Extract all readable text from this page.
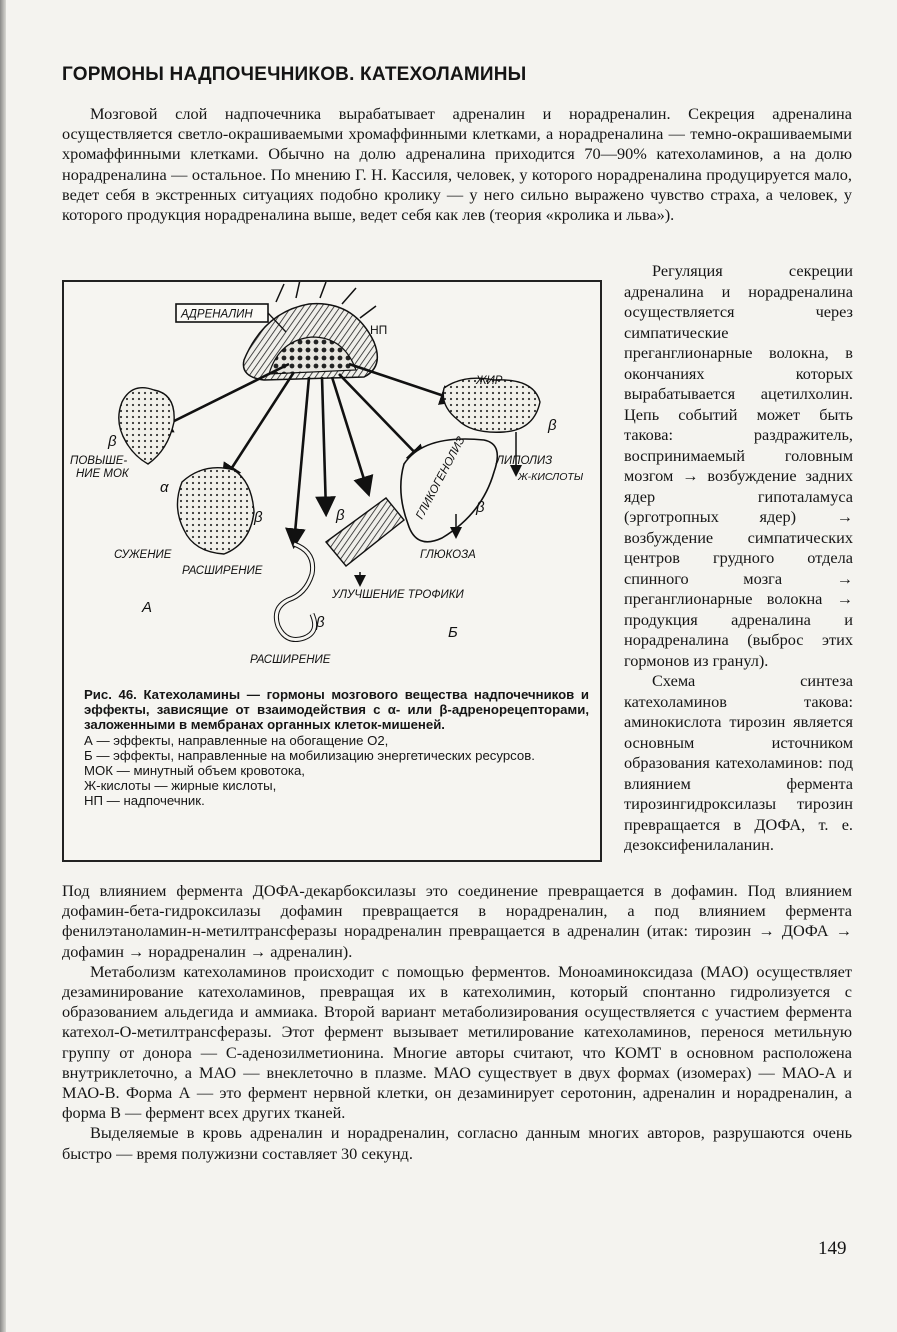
ГОРМОНЫ НАДПОЧЕЧНИКОВ. КАТЕХОЛАМИНЫ
Мозговой слой надпочечника вырабатывает адреналин и норадреналин. Секреция адреналина осуществляется светло-окрашиваемыми хромаффинными клетками, а норадреналина — темно-окрашиваемыми хромаффинными клетками. Обычно на долю адреналина приходится 70—90% катехоламинов, а на долю норадреналина — остальное. По мнению Г. Н. Кассиля, человек, у которого норадреналина продуцируется мало, ведет себя в экстренных ситуациях подобно кролику — у него сильно выражено чувство страха, а человек, у которого продукция норадреналина выше, ведет себя как лев (теория «кролика и льва»).
АДРЕНАЛИН
НП
β
ПОВЫШЕ-
НИЕ МОК
α
СУЖЕНИЕ
РАСШИРЕНИЕ
β
β
РАСШИРЕНИЕ
β
УЛУЧШЕНИЕ ТРОФИКИ
ГЛИКОГЕНОЛИЗ β
ГЛЮКОЗА
ЖИР
β
ЛИПОЛИЗ
Ж-КИСЛОТЫ
А
Б
Рис. 46. Катехоламины — гормоны мозгового вещества надпочечников и эффекты, зависящие от взаимодействия с α- или β-адренорецепторами, заложенными в мембранах органных клеток-мишеней.
А — эффекты, направленные на обогащение О2,
Б — эффекты, направленные на мобилизацию энергетических ресурсов.
МОК — минутный объем кровотока,
Ж-кислоты — жирные кислоты,
НП — надпочечник.

Регуляция секреции адреналина и норадреналина осуществляется через симпатические преганглионарные волокна, в окончаниях которых вырабатывается ацетилхолин. Цепь событий может быть такова: раздражитель, воспринимаемый головным мозгом → возбуждение задних ядер гипоталамуса (эрготропных ядер) → возбуждение симпатических центров грудного отдела спинного мозга → преганглионарные волокна → продукция адреналина и норадреналина (выброс этих гормонов из гранул).

Схема синтеза катехоламинов такова: аминокислота тирозин является основным источником образования катехоламинов: под влиянием фермента тирозингидроксилазы тирозин превращается в ДОФА, т. е. дезоксифенилаланин.

Под влиянием фермента ДОФА-декарбоксилазы это соединение превращается в дофамин. Под влиянием дофамин-бета-гидроксилазы дофамин превращается в норадреналин, а под влиянием фермента фенилэтаноламин-н-метилтрансферазы норадреналин превращается в адреналин (итак: тирозин → ДОФА → дофамин → норадреналин → адреналин).

Метаболизм катехоламинов происходит с помощью ферментов. Моноаминоксидаза (МАО) осуществляет дезаминирование катехоламинов, превращая их в катехолимин, который спонтанно гидролизуется с образованием альдегида и аммиака. Второй вариант метаболизирования осуществляется с участием фермента катехол-О-метилтрансферазы. Этот фермент вызывает метилирование катехоламинов, перенося метильную группу от донора — С-аденозилметионина. Многие авторы считают, что КОМТ в основном расположена внутриклеточно, а МАО — внеклеточно в плазме. МАО существует в двух формах (изомерах) — МАО-А и МАО-В. Форма А — это фермент нервной клетки, он дезаминирует серотонин, адреналин и норадреналин, а форма В — фермент всех других тканей.

Выделяемые в кровь адреналин и норадреналин, согласно данным многих авторов, разрушаются очень быстро — время полужизни составляет 30 секунд.

149
